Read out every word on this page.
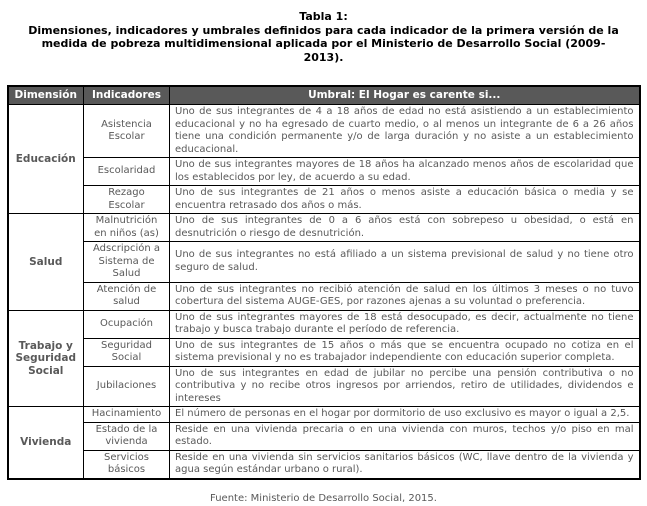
Tabla 1:
Dimensiones, indicadores y umbrales definidos para cada indicador de la primera versión de la medida de pobreza multidimensional aplicada por el Ministerio de Desarrollo Social (2009-2013).
Dimensión	Indicadores	Umbral: El Hogar es carente si...
Educación	Asistencia Escolar	Uno de sus integrantes de 4 a 18 años de edad no está asistiendo a un establecimiento educacional y no ha egresado de cuarto medio, o al menos un integrante de 6 a 26 años tiene una condición permanente y/o de larga duración y no asiste a un establecimiento educacional.
	Escolaridad	Uno de sus integrantes mayores de 18 años ha alcanzado menos años de escolaridad que los establecidos por ley, de acuerdo a su edad.
	Rezago Escolar	Uno de sus integrantes de 21 años o menos asiste a educación básica o media y se encuentra retrasado dos años o más.
Salud	Malnutrición en niños (as)	Uno de sus integrantes de 0 a 6 años está con sobrepeso u obesidad, o está en desnutrición o riesgo de desnutrición.
	Adscripción a Sistema de Salud	Uno de sus integrantes no está afiliado a un sistema previsional de salud y no tiene otro seguro de salud.
	Atención de salud	Uno de sus integrantes no recibió atención de salud en los últimos 3 meses o no tuvo cobertura del sistema AUGE-GES, por razones ajenas a su voluntad o preferencia.
Trabajo y Seguridad Social	Ocupación	Uno de sus integrantes mayores de 18 está desocupado, es decir, actualmente no tiene trabajo y busca trabajo durante el período de referencia.
	Seguridad Social	Uno de sus integrantes de 15 años o más que se encuentra ocupado no cotiza en el sistema previsional y no es trabajador independiente con educación superior completa.
	Jubilaciones	Uno de sus integrantes en edad de jubilar no percibe una pensión contributiva o no contributiva y no recibe otros ingresos por arriendos, retiro de utilidades, dividendos e intereses
Vivienda	Hacinamiento	El número de personas en el hogar por dormitorio de uso exclusivo es mayor o igual a 2,5.
	Estado de la vivienda	Reside en una vivienda precaria o en una vivienda con muros, techos y/o piso en mal estado.
	Servicios básicos	Reside en una vivienda sin servicios sanitarios básicos (WC, llave dentro de la vivienda y agua según estándar urbano o rural).
Fuente: Ministerio de Desarrollo Social, 2015.
